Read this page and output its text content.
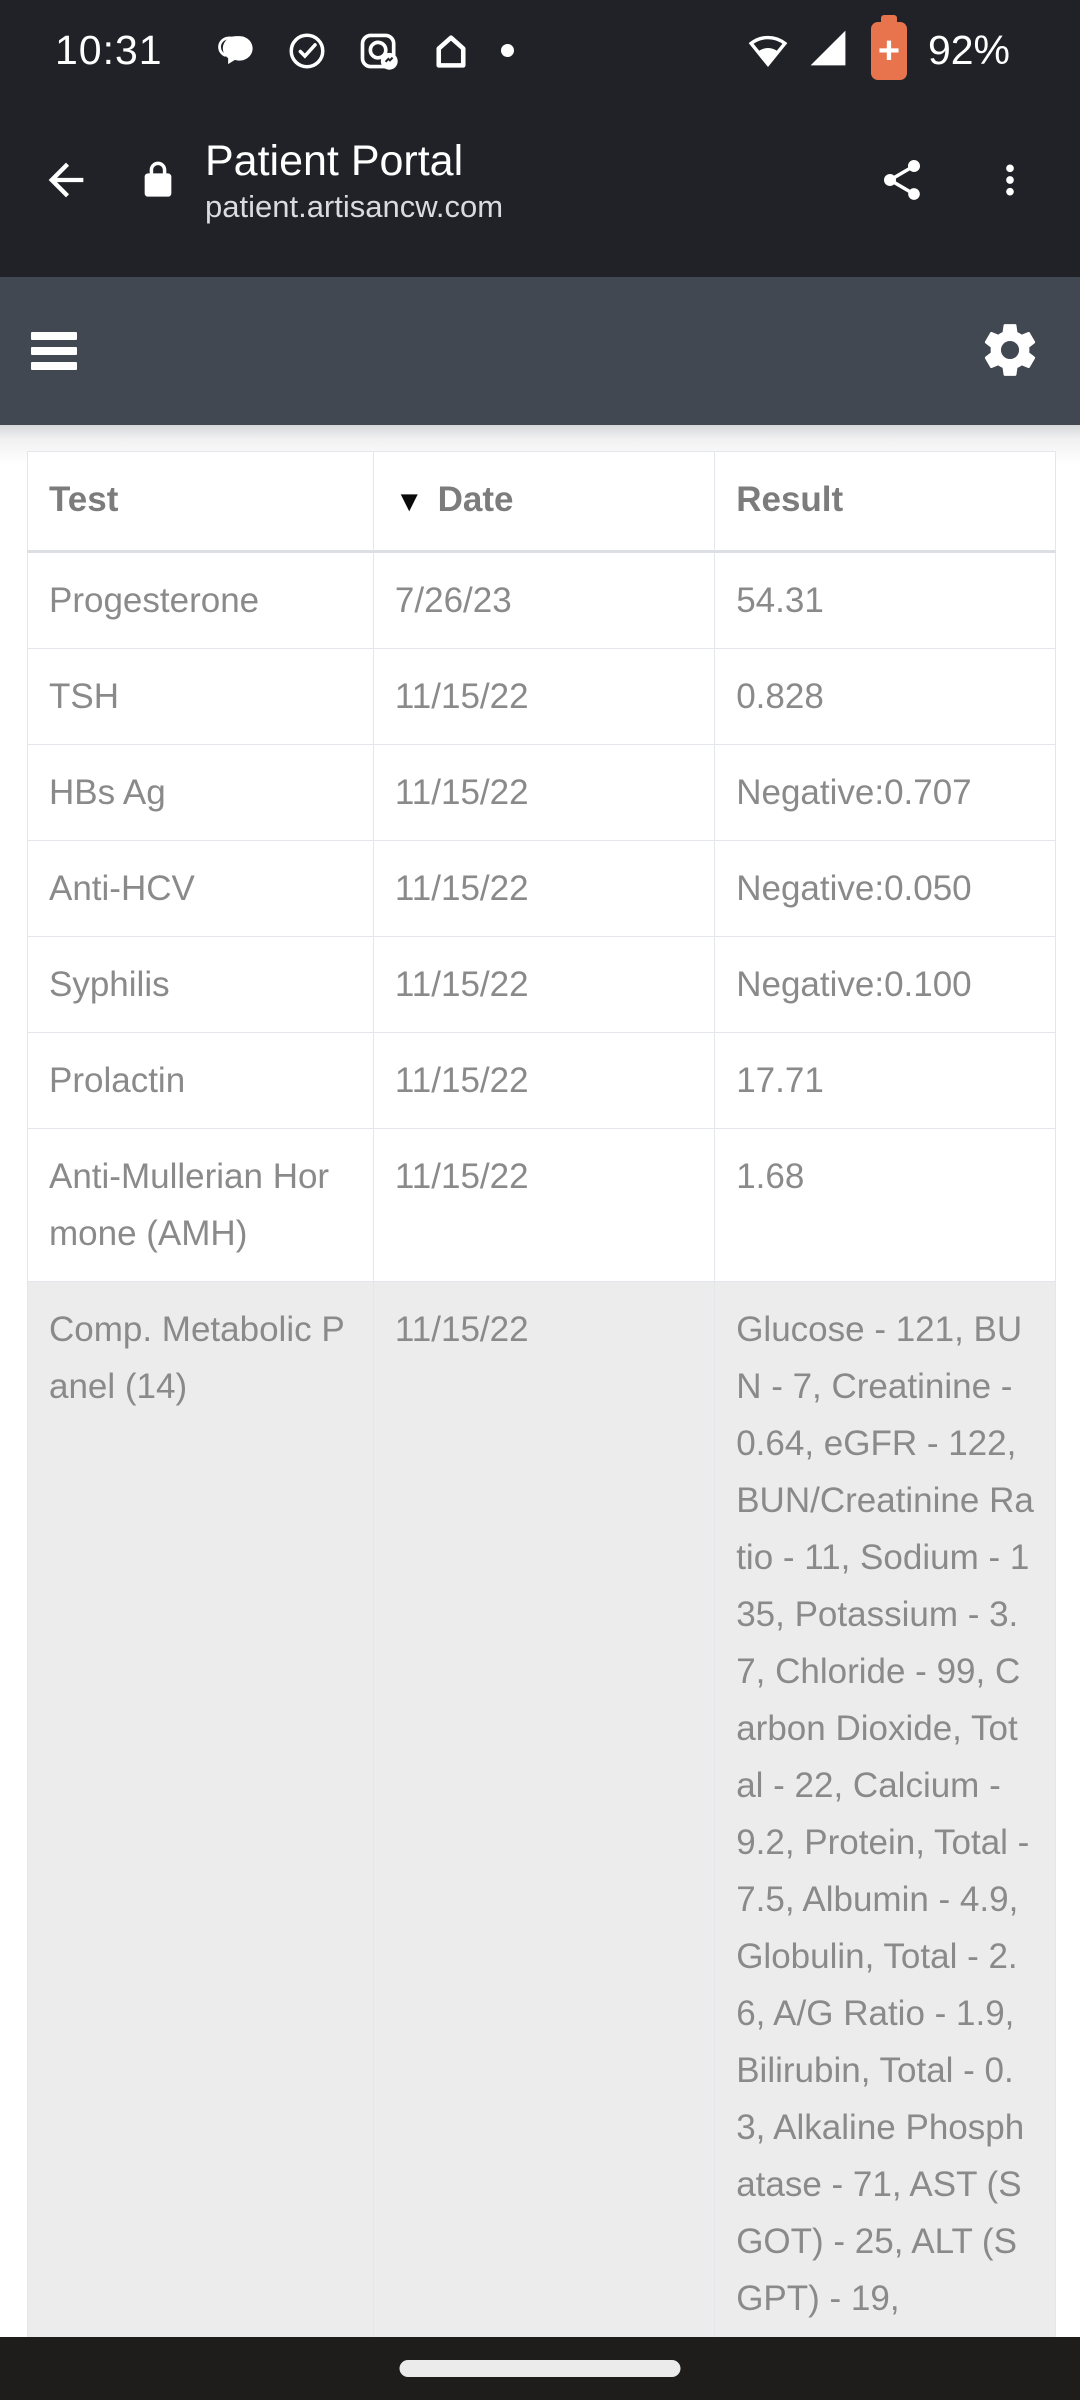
10:31	+ 92%
Patient Portal
patient.artisancw.com
Test	▼ Date	Result
Progesterone	7/26/23	54.31
TSH	11/15/22	0.828
HBs Ag	11/15/22	Negative:0.707
Anti-HCV	11/15/22	Negative:0.050
Syphilis	11/15/22	Negative:0.100
Prolactin	11/15/22	17.71
Anti-Mullerian Hormone (AMH)	11/15/22	1.68
Comp. Metabolic Panel (14)	11/15/22	Glucose - 121, BUN - 7, Creatinine - 0.64, eGFR - 122, BUN/Creatinine Ratio - 11, Sodium - 135, Potassium - 3.7, Chloride - 99, Carbon Dioxide, Total - 22, Calcium - 9.2, Protein, Total - 7.5, Albumin - 4.9, Globulin, Total - 2.6, A/G Ratio - 1.9, Bilirubin, Total - 0.3, Alkaline Phosphatase - 71, AST (SGOT) - 25, ALT (SGPT) - 19,
